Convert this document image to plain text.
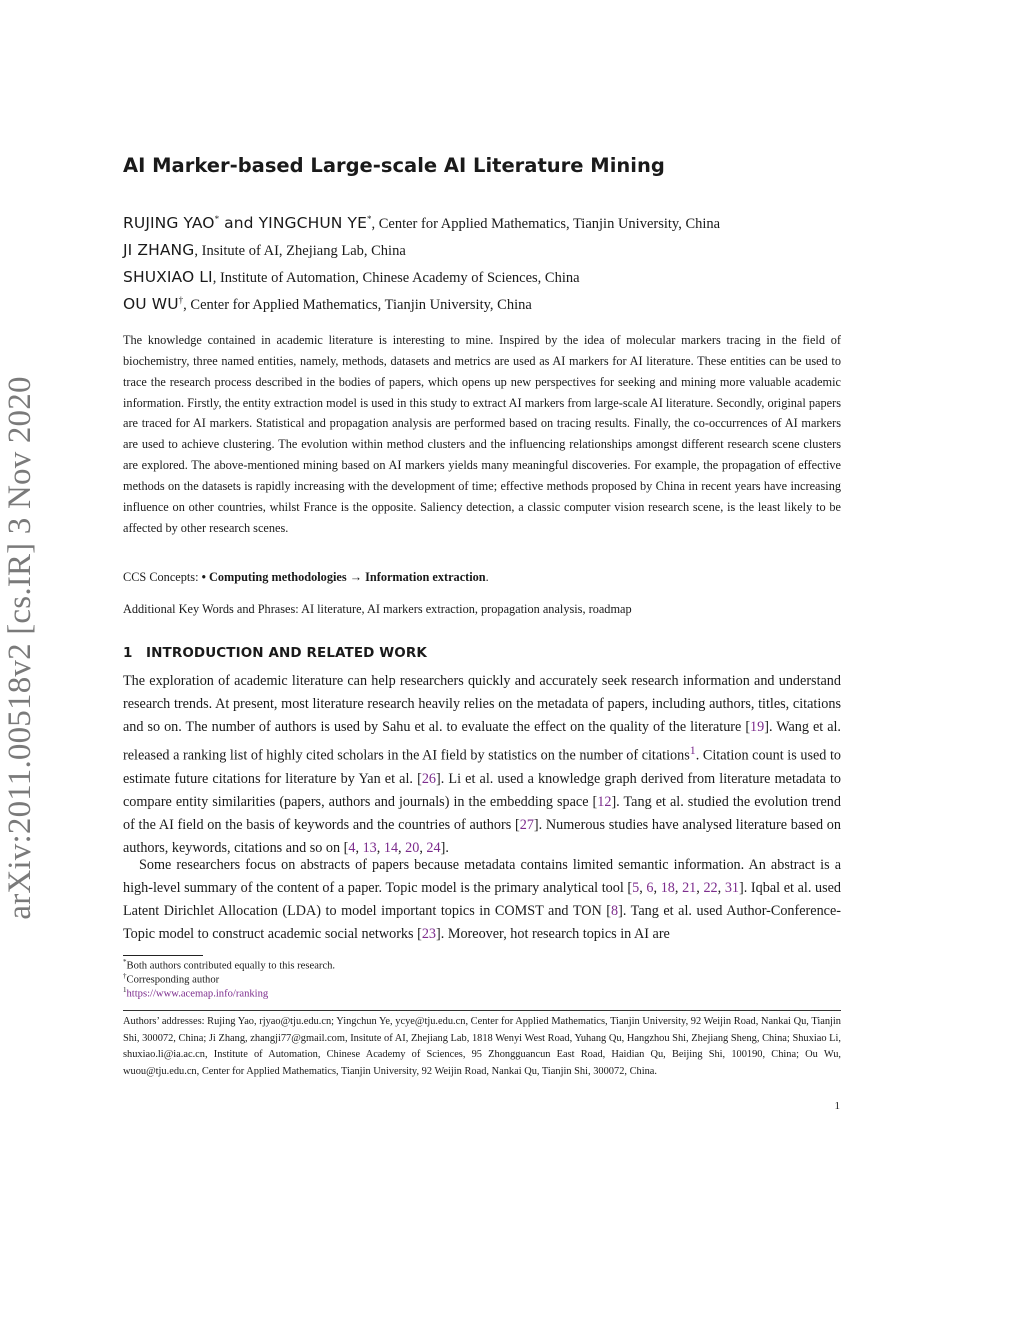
arXiv:2011.00518v2 [cs.IR] 3 Nov 2020
AI Marker-based Large-scale AI Literature Mining
RUJING YAO* and YINGCHUN YE*, Center for Applied Mathematics, Tianjin University, China
JI ZHANG, Insitute of AI, Zhejiang Lab, China
SHUXIAO LI, Institute of Automation, Chinese Academy of Sciences, China
OU WU†, Center for Applied Mathematics, Tianjin University, China

The knowledge contained in academic literature is interesting to mine. Inspired by the idea of molecular markers tracing in the field of biochemistry, three named entities, namely, methods, datasets and metrics are used as AI markers for AI literature. These entities can be used to trace the research process described in the bodies of papers, which opens up new perspectives for seeking and mining more valuable academic information. Firstly, the entity extraction model is used in this study to extract AI markers from large-scale AI literature. Secondly, original papers are traced for AI markers. Statistical and propagation analysis are performed based on tracing results. Finally, the co-occurrences of AI markers are used to achieve clustering. The evolution within method clusters and the influencing relationships amongst different research scene clusters are explored. The above-mentioned mining based on AI markers yields many meaningful discoveries. For example, the propagation of effective methods on the datasets is rapidly increasing with the development of time; effective methods proposed by China in recent years have increasing influence on other countries, whilst France is the opposite. Saliency detection, a classic computer vision research scene, is the least likely to be affected by other research scenes.

CCS Concepts: • Computing methodologies → Information extraction.
Additional Key Words and Phrases: AI literature, AI markers extraction, propagation analysis, roadmap
1 INTRODUCTION AND RELATED WORK

The exploration of academic literature can help researchers quickly and accurately seek research information and understand research trends. At present, most literature research heavily relies on the metadata of papers, including authors, titles, citations and so on. The number of authors is used by Sahu et al. to evaluate the effect on the quality of the literature [19]. Wang et al. released a ranking list of highly cited scholars in the AI field by statistics on the number of citations$^1$. Citation count is used to estimate future citations for literature by Yan et al. [26]. Li et al. used a knowledge graph derived from literature metadata to compare entity similarities (papers, authors and journals) in the embedding space [12]. Tang et al. studied the evolution trend of the AI field on the basis of keywords and the countries of authors [27]. Numerous studies have analysed literature based on authors, keywords, citations and so on [4, 13, 14, 20, 24].

Some researchers focus on abstracts of papers because metadata contains limited semantic information. An abstract is a high-level summary of the content of a paper. Topic model is the primary analytical tool [5, 6, 18, 21, 22, 31]. Iqbal et al. used Latent Dirichlet Allocation (LDA) to model important topics in COMST and TON [8]. Tang et al. used Author-Conference-Topic model to construct academic social networks [23]. Moreover, hot research topics in AI are

*Both authors contributed equally to this research.
†Corresponding author
$^1$https://www.acemap.info/ranking

Authors’ addresses: Rujing Yao, rjyao@tju.edu.cn; Yingchun Ye, ycye@tju.edu.cn, Center for Applied Mathematics, Tianjin University, 92 Weijin Road, Nankai Qu, Tianjin Shi, 300072, China; Ji Zhang, zhangji77@gmail.com, Insitute of AI, Zhejiang Lab, 1818 Wenyi West Road, Yuhang Qu, Hangzhou Shi, Zhejiang Sheng, China; Shuxiao Li, shuxiao.li@ia.ac.cn, Institute of Automation, Chinese Academy of Sciences, 95 Zhongguancun East Road, Haidian Qu, Beijing Shi, 100190, China; Ou Wu, wuou@tju.edu.cn, Center for Applied Mathematics, Tianjin University, 92 Weijin Road, Nankai Qu, Tianjin Shi, 300072, China.

1
